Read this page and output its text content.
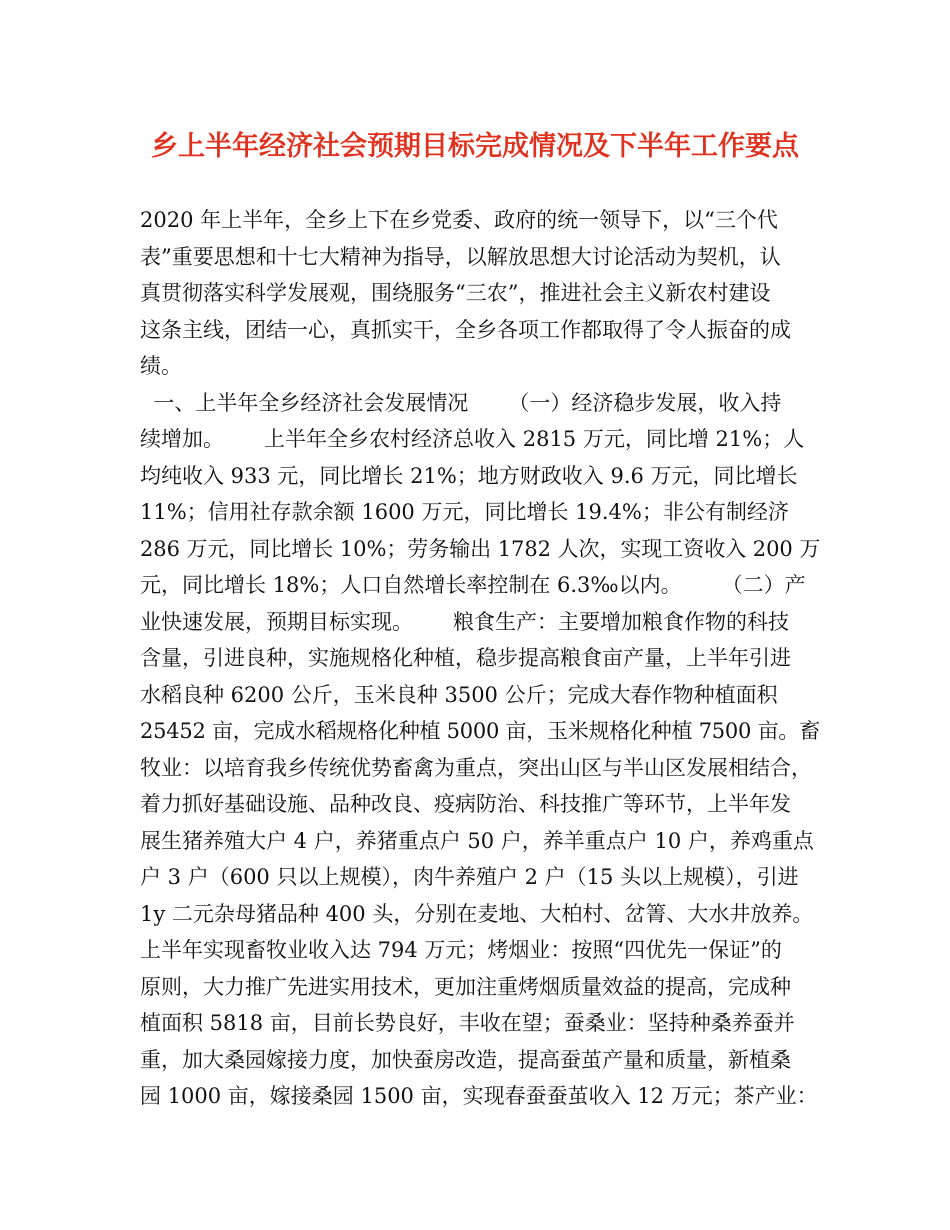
乡上半年经济社会预期目标完成情况及下半年工作要点
2020 年上半年，全乡上下在乡党委、政府的统一领导下，以“三个代
表”重要思想和十七大精神为指导，以解放思想大讨论活动为契机，认
真贯彻落实科学发展观，围绕服务“三农”，推进社会主义新农村建设
这条主线，团结一心，真抓实干，全乡各项工作都取得了令人振奋的成
绩。
一、上半年全乡经济社会发展情况      （一）经济稳步发展，收入持
续增加。      上半年全乡农村经济总收入 2815 万元，同比增 21%；人
均纯收入 933 元，同比增长 21%；地方财政收入 9.6 万元，同比增长
11%；信用社存款余额 1600 万元，同比增长 19.4%；非公有制经济
286 万元，同比增长 10%；劳务输出 1782 人次，实现工资收入 200 万
元，同比增长 18%；人口自然增长率控制在 6.3‰以内。      （二）产
业快速发展，预期目标实现。      粮食生产：主要增加粮食作物的科技
含量，引进良种，实施规格化种植，稳步提高粮食亩产量，上半年引进
水稻良种 6200 公斤，玉米良种 3500 公斤；完成大春作物种植面积
25452 亩，完成水稻规格化种植 5000 亩，玉米规格化种植 7500 亩。畜
牧业：以培育我乡传统优势畜禽为重点，突出山区与半山区发展相结合，
着力抓好基础设施、品种改良、疫病防治、科技推广等环节，上半年发
展生猪养殖大户 4 户，养猪重点户 50 户，养羊重点户 10 户，养鸡重点
户 3 户（600 只以上规模），肉牛养殖户 2 户（15 头以上规模），引进
1y 二元杂母猪品种 400 头，分别在麦地、大柏村、岔箐、大水井放养。
上半年实现畜牧业收入达 794 万元；烤烟业：按照“四优先一保证”的
原则，大力推广先进实用技术，更加注重烤烟质量效益的提高，完成种
植面积 5818 亩，目前长势良好，丰收在望；蚕桑业：坚持种桑养蚕并
重，加大桑园嫁接力度，加快蚕房改造，提高蚕茧产量和质量，新植桑
园 1000 亩，嫁接桑园 1500 亩，实现春蚕蚕茧收入 12 万元；茶产业：
